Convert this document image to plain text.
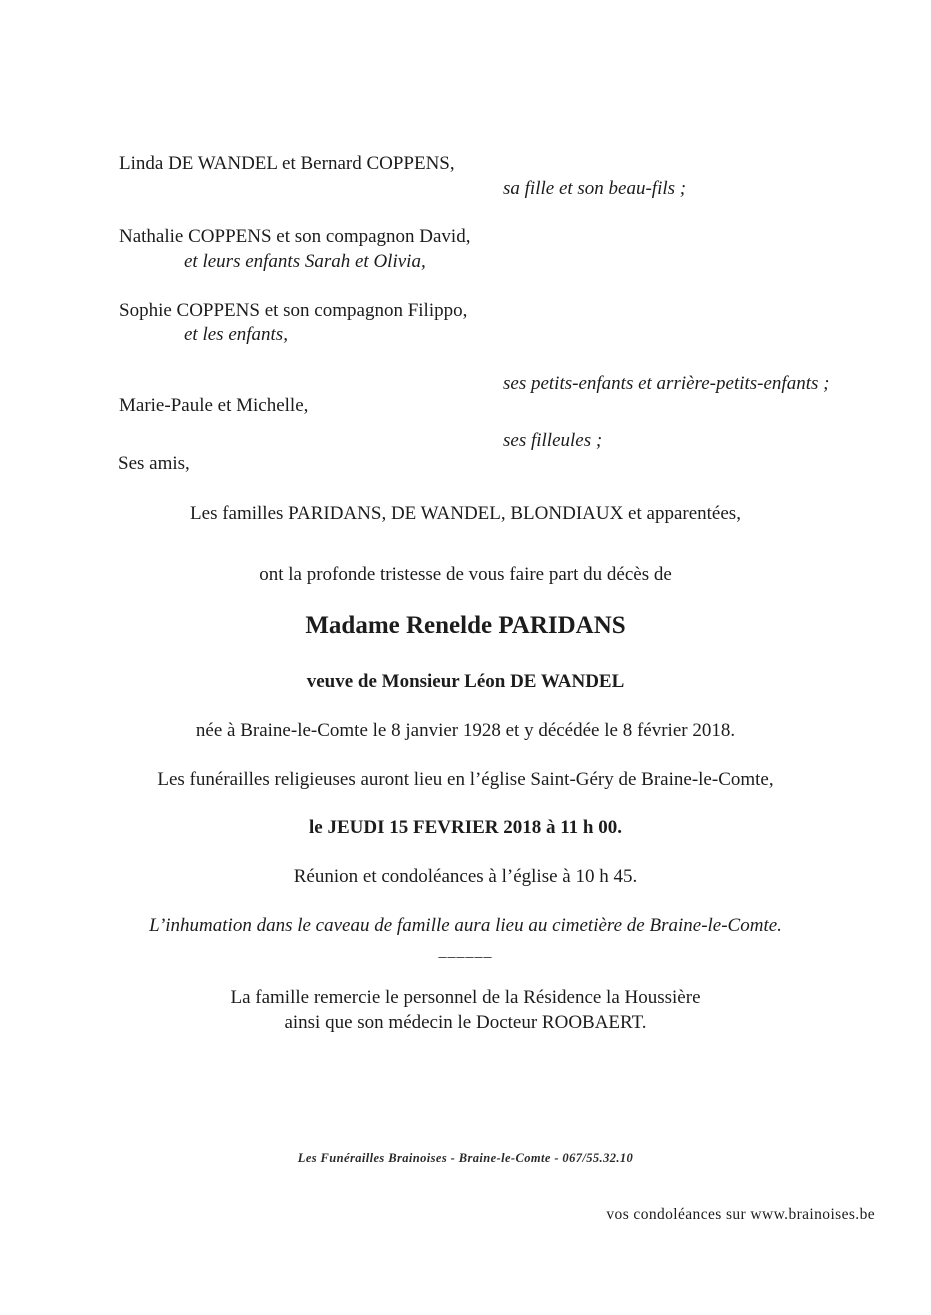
Linda DE WANDEL et Bernard COPPENS,
sa fille et son beau-fils ;
Nathalie COPPENS et son compagnon David,
et leurs enfants Sarah et Olivia,
Sophie COPPENS et son compagnon Filippo,
et les enfants,
ses petits-enfants et arrière-petits-enfants ;
Marie-Paule et Michelle,
ses filleules ;
Ses amis,
Les familles PARIDANS, DE WANDEL, BLONDIAUX et apparentées,
ont la profonde tristesse de vous faire part du décès de
Madame Renelde PARIDANS
veuve de Monsieur Léon DE WANDEL
née à Braine-le-Comte le 8 janvier 1928 et y décédée le 8 février 2018.
Les funérailles religieuses auront lieu en l’église Saint-Géry de Braine-le-Comte,
le JEUDI 15 FEVRIER 2018 à 11 h 00.
Réunion et condoléances à l’église à 10 h 45.
L’inhumation dans le caveau de famille aura lieu au cimetière de Braine-le-Comte.
______
La famille remercie le personnel de la Résidence la Houssière
ainsi que son médecin le Docteur ROOBAERT.
Les Funérailles Brainoises - Braine-le-Comte - 067/55.32.10
vos condoléances sur www.brainoises.be
